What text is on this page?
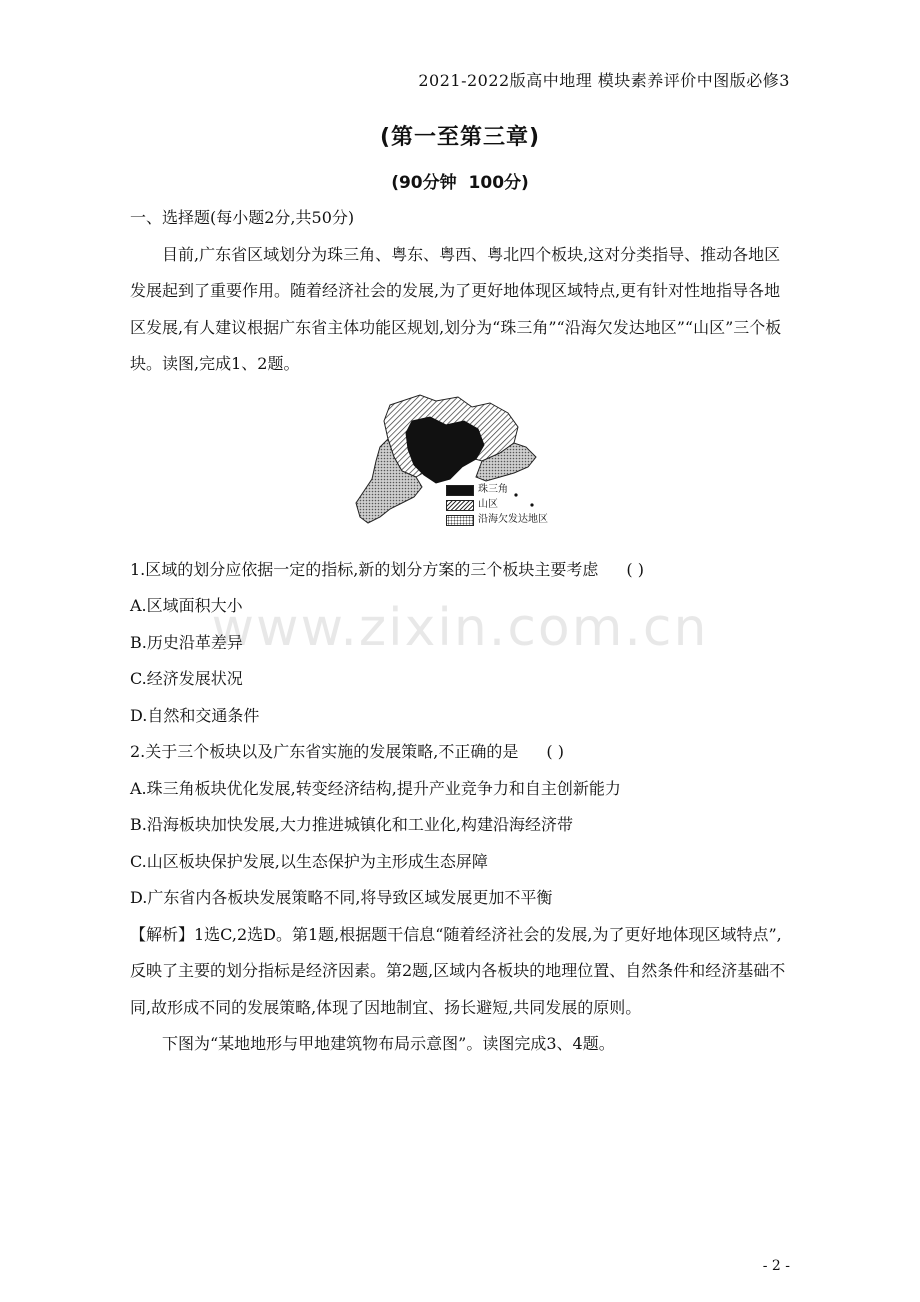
2021-2022版高中地理 模块素养评价中图版必修3
(第一至第三章)
(90分钟 100分)
www.zixin.com.cn

一、选择题(每小题2分,共50分)

目前,广东省区域划分为珠三角、粤东、粤西、粤北四个板块,这对分类指导、推动各地区发展起到了重要作用。随着经济社会的发展,为了更好地体现区域特点,更有针对性地指导各地区发展,有人建议根据广东省主体功能区规划,划分为“珠三角”“沿海欠发达地区”“山区”三个板块。读图,完成1、2题。

珠三角
山区
沿海欠发达地区

1.区域的划分应依据一定的指标,新的划分方案的三个板块主要考虑 ( )

A.区域面积大小

B.历史沿革差异

C.经济发展状况

D.自然和交通条件

2.关于三个板块以及广东省实施的发展策略,不正确的是 ( )

A.珠三角板块优化发展,转变经济结构,提升产业竞争力和自主创新能力

B.沿海板块加快发展,大力推进城镇化和工业化,构建沿海经济带

C.山区板块保护发展,以生态保护为主形成生态屏障

D.广东省内各板块发展策略不同,将导致区域发展更加不平衡

【解析】1选C,2选D。第1题,根据题干信息“随着经济社会的发展,为了更好地体现区域特点”,反映了主要的划分指标是经济因素。第2题,区域内各板块的地理位置、自然条件和经济基础不同,故形成不同的发展策略,体现了因地制宜、扬长避短,共同发展的原则。

下图为“某地地形与甲地建筑物布局示意图”。读图完成3、4题。

- 2 -
